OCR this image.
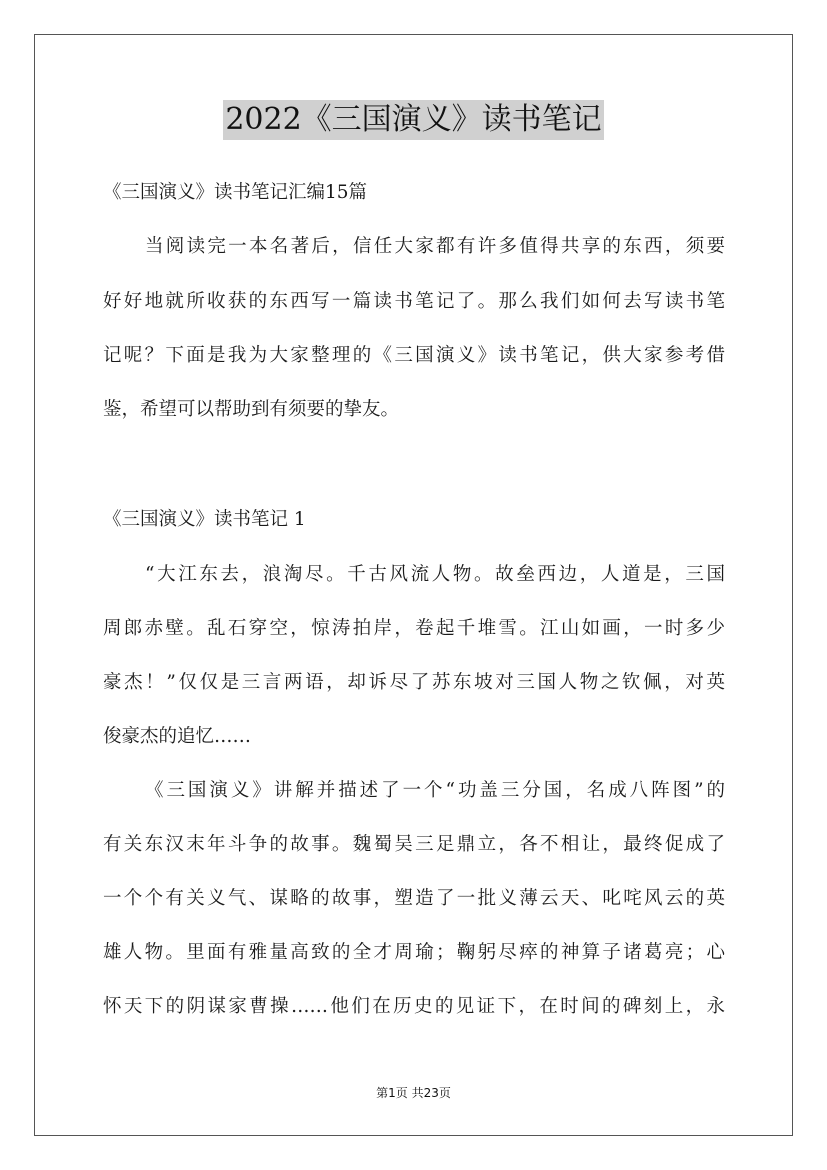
2022《三国演义》读书笔记
《三国演义》读书笔记汇编15篇
当阅读完一本名著后，信任大家都有许多值得共享的东西，须要
好好地就所收获的东西写一篇读书笔记了。那么我们如何去写读书笔
记呢？下面是我为大家整理的《三国演义》读书笔记，供大家参考借
鉴，希望可以帮助到有须要的挚友。
《三国演义》读书笔记 1
“大江东去，浪淘尽。千古风流人物。故垒西边，人道是，三国
周郎赤壁。乱石穿空，惊涛拍岸，卷起千堆雪。江山如画，一时多少
豪杰！”仅仅是三言两语，却诉尽了苏东坡对三国人物之钦佩，对英
俊豪杰的追忆……
《三国演义》讲解并描述了一个“功盖三分国，名成八阵图”的
有关东汉末年斗争的故事。魏蜀吴三足鼎立，各不相让，最终促成了
一个个有关义气、谋略的故事，塑造了一批义薄云天、叱咤风云的英
雄人物。里面有雅量高致的全才周瑜；鞠躬尽瘁的神算子诸葛亮；心
怀天下的阴谋家曹操……他们在历史的见证下，在时间的碑刻上，永
第1页 共23页
